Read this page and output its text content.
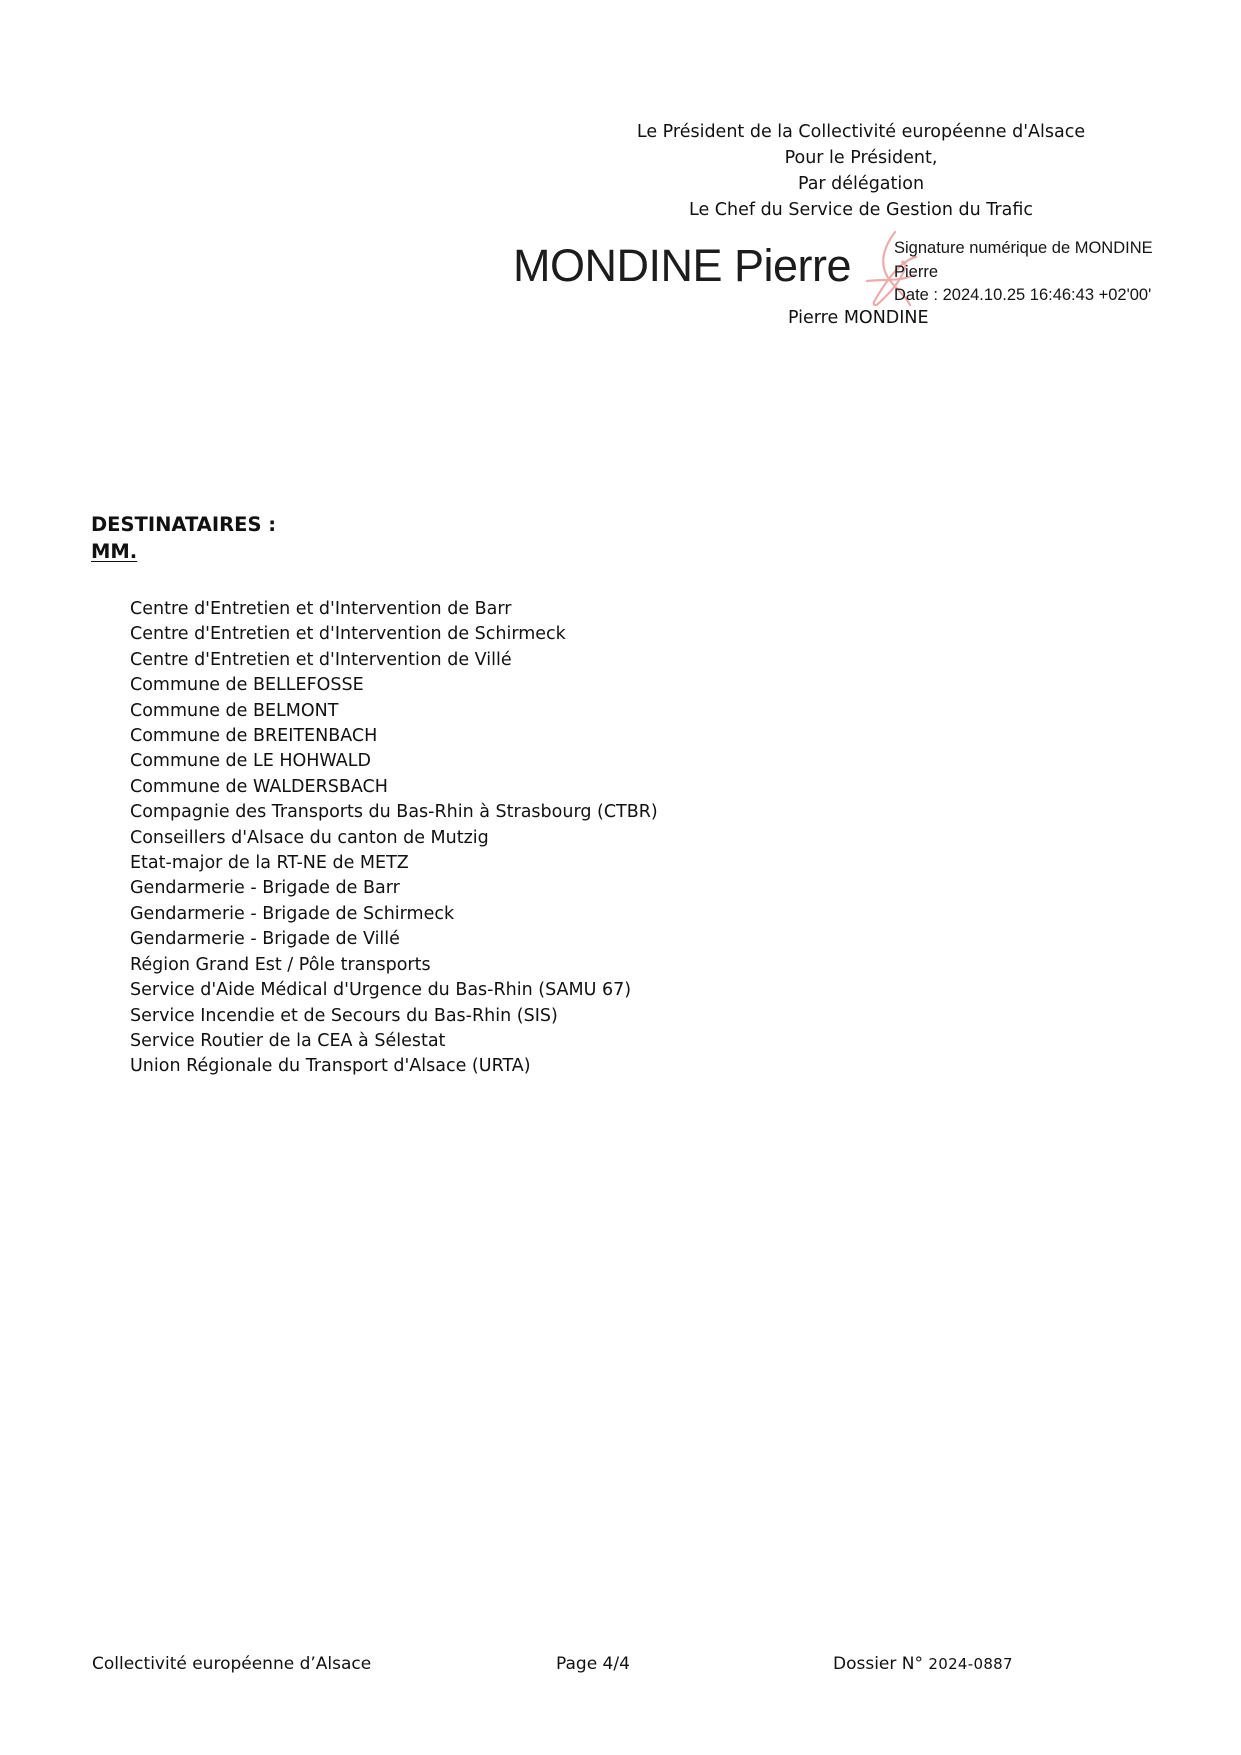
Le Président de la Collectivité européenne d'Alsace
Pour le Président,
Par délégation
Le Chef du Service de Gestion du Trafic
MONDINE Pierre	Signature numérique de MONDINE
Pierre
Date : 2024.10.25 16:46:43 +02'00'
Pierre MONDINE
DESTINATAIRES :
MM.
Centre d'Entretien et d'Intervention de Barr
Centre d'Entretien et d'Intervention de Schirmeck
Centre d'Entretien et d'Intervention de Villé
Commune de BELLEFOSSE
Commune de BELMONT
Commune de BREITENBACH
Commune de LE HOHWALD
Commune de WALDERSBACH
Compagnie des Transports du Bas-Rhin à Strasbourg (CTBR)
Conseillers d'Alsace du canton de Mutzig
Etat-major de la RT-NE de METZ
Gendarmerie - Brigade de Barr
Gendarmerie - Brigade de Schirmeck
Gendarmerie - Brigade de Villé
Région Grand Est / Pôle transports
Service d'Aide Médical d'Urgence du Bas-Rhin (SAMU 67)
Service Incendie et de Secours du Bas-Rhin (SIS)
Service Routier de la CEA à Sélestat
Union Régionale du Transport d'Alsace (URTA)
Collectivité européenne d’Alsace	Page 4/4	Dossier N° 2024-0887
